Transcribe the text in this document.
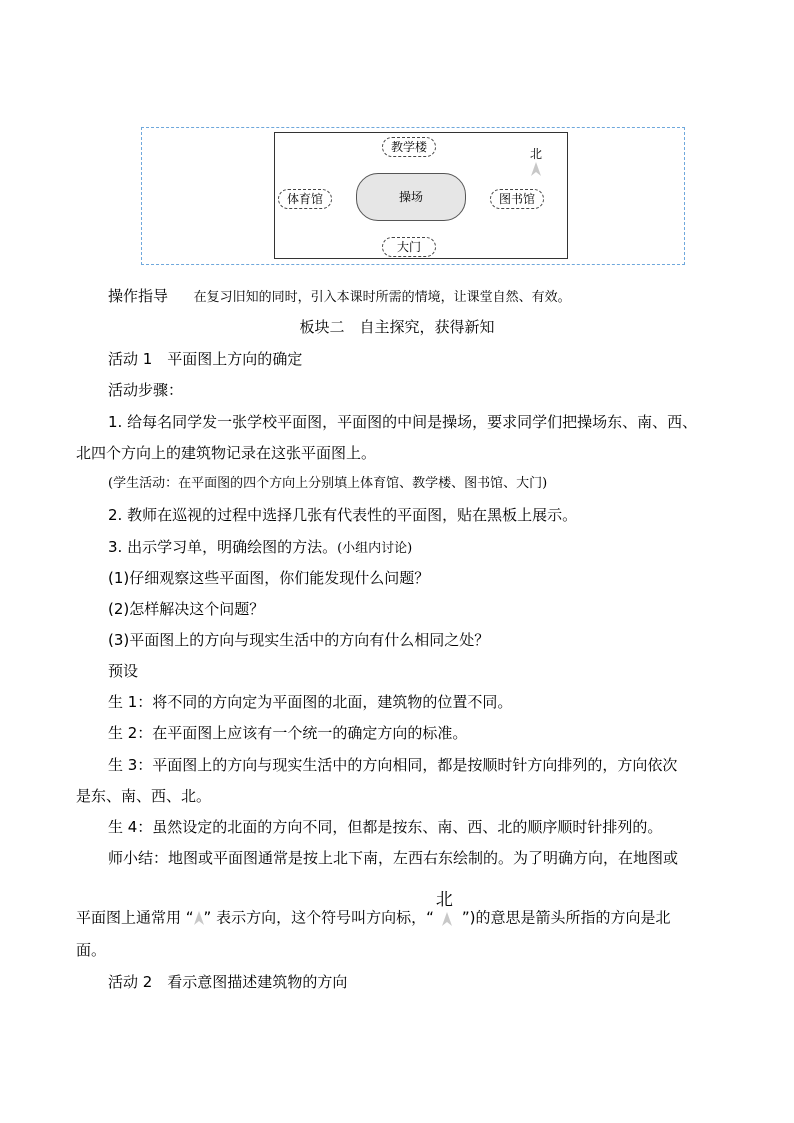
教学楼
体育馆	图书馆
大门
操场
北
操作指导 在复习旧知的同时，引入本课时所需的情境，让课堂自然、有效。
板块二　自主探究，获得新知
活动 1　平面图上方向的确定
活动步骤：
1. 给每名同学发一张学校平面图，平面图的中间是操场，要求同学们把操场东、南、西、
北四个方向上的建筑物记录在这张平面图上。
(学生活动：在平面图的四个方向上分别填上体育馆、教学楼、图书馆、大门)
2. 教师在巡视的过程中选择几张有代表性的平面图，贴在黑板上展示。
3. 出示学习单，明确绘图的方法。(小组内讨论)
(1)仔细观察这些平面图，你们能发现什么问题？
(2)怎样解决这个问题？
(3)平面图上的方向与现实生活中的方向有什么相同之处？
预设
生 1：将不同的方向定为平面图的北面，建筑物的位置不同。
生 2：在平面图上应该有一个统一的确定方向的标准。
生 3：平面图上的方向与现实生活中的方向相同，都是按顺时针方向排列的，方向依次
是东、南、西、北。
生 4：虽然设定的北面的方向不同，但都是按东、南、西、北的顺序顺时针排列的。
师小结：地图或平面图通常是按上北下南，左西右东绘制的。为了明确方向，在地图或
平面图上通常用 “ ” 表示方向，这个符号叫方向标，“
北
”)的意思是箭头所指的方向是北
面。
活动 2　看示意图描述建筑物的方向
